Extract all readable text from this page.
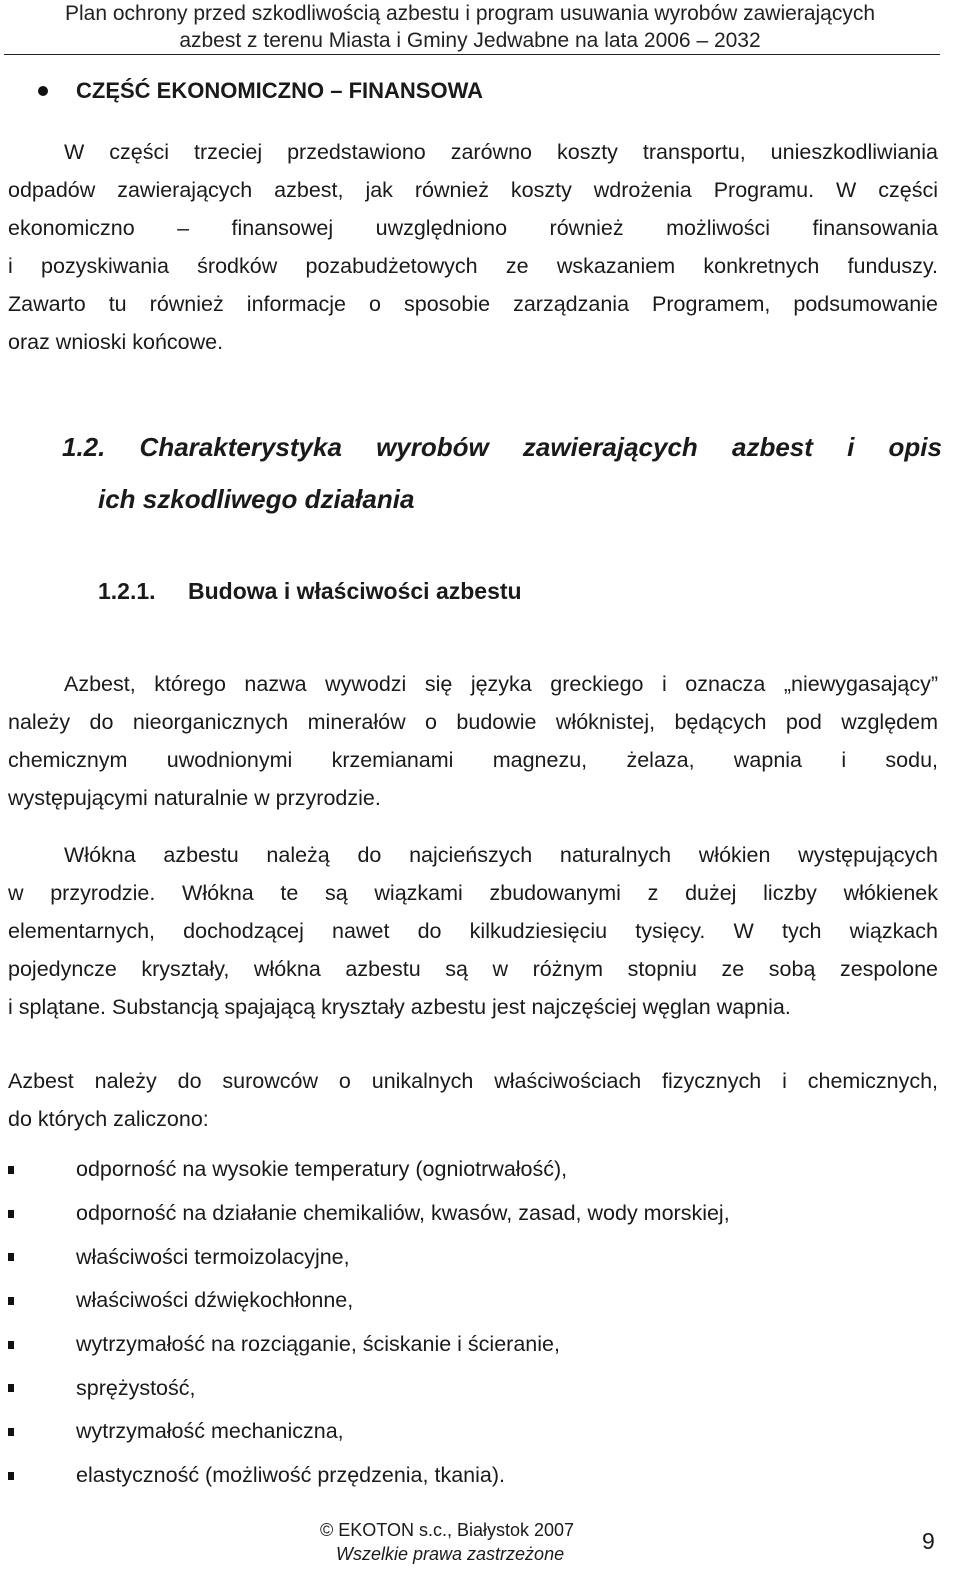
Plan ochrony przed szkodliwością azbestu i program usuwania wyrobów zawierających
azbest z terenu Miasta i Gminy Jedwabne na lata 2006 – 2032
CZĘŚĆ EKONOMICZNO – FINANSOWA
W części trzeciej przedstawiono zarówno koszty transportu, unieszkodliwiania
odpadów zawierających azbest, jak również koszty wdrożenia Programu. W części
ekonomiczno – finansowej uwzględniono również możliwości finansowania
i pozyskiwania środków pozabudżetowych ze wskazaniem konkretnych funduszy.
Zawarto tu również informacje o sposobie zarządzania Programem, podsumowanie
oraz wnioski końcowe.
1.2. Charakterystyka wyrobów zawierających azbest i opis
ich szkodliwego działania
1.2.1.	Budowa i właściwości azbestu
Azbest, którego nazwa wywodzi się języka greckiego i oznacza „niewygasający”
należy do nieorganicznych minerałów o budowie włóknistej, będących pod względem
chemicznym uwodnionymi krzemianami magnezu, żelaza, wapnia i sodu,
występującymi naturalnie w przyrodzie.
Włókna azbestu należą do najcieńszych naturalnych włókien występujących
w przyrodzie. Włókna te są wiązkami zbudowanymi z dużej liczby włókienek
elementarnych, dochodzącej nawet do kilkudziesięciu tysięcy. W tych wiązkach
pojedyncze kryształy, włókna azbestu są w różnym stopniu ze sobą zespolone
i splątane. Substancją spajającą kryształy azbestu jest najczęściej węglan wapnia.
Azbest należy do surowców o unikalnych właściwościach fizycznych i chemicznych,
do których zaliczono:
odporność na wysokie temperatury (ogniotrwałość),
odporność na działanie chemikaliów, kwasów, zasad, wody morskiej,
właściwości termoizolacyjne,
właściwości dźwiękochłonne,
wytrzymałość na rozciąganie, ściskanie i ścieranie,
sprężystość,
wytrzymałość mechaniczna,
elastyczność (możliwość przędzenia, tkania).
© EKOTON s.c., Białystok 2007
Wszelkie prawa zastrzeżone	9
